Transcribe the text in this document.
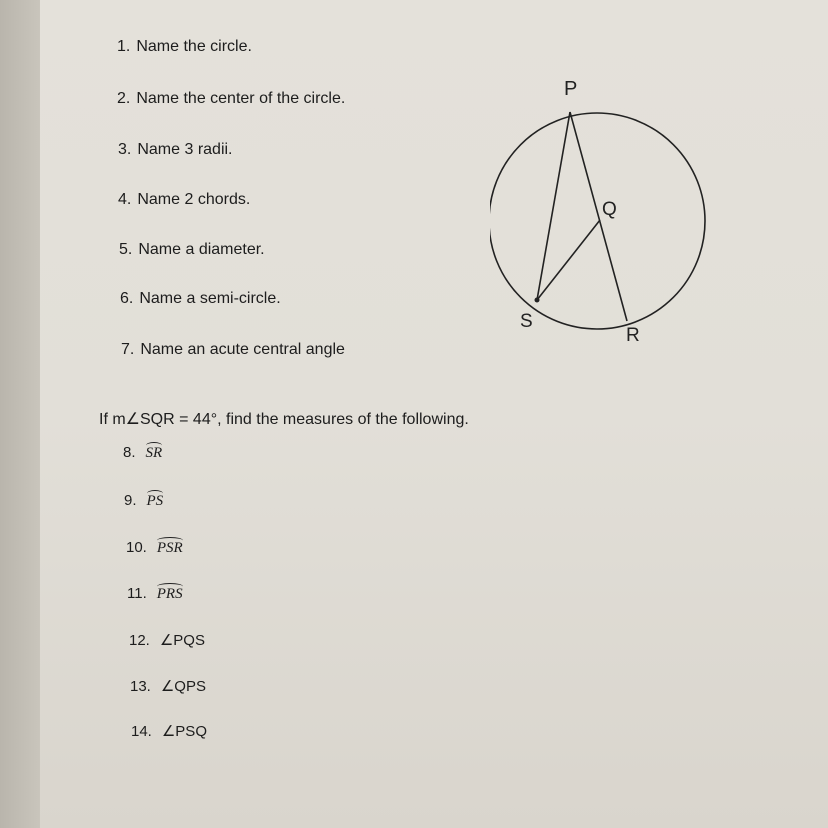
1. Name the circle.
2. Name the center of the circle.
3. Name 3 radii.
4. Name 2 chords.
5. Name a diameter.
6. Name a semi-circle.
7. Name an acute central angle
If m∠SQR = 44°, find the measures of the following.
8. SR
9. PS
10. PSR
11. PRS
12. ∠PQS
13. ∠QPS
14. ∠PSQ
P
Q
S
R
